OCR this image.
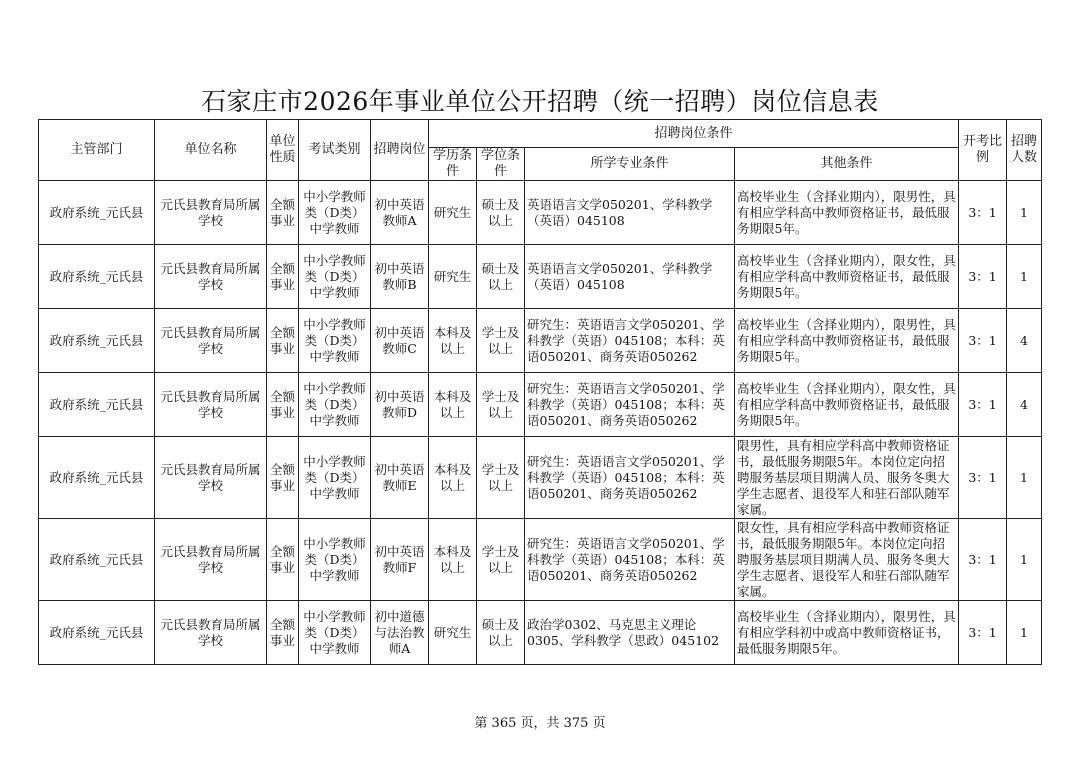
石家庄市2026年事业单位公开招聘（统一招聘）岗位信息表
主管部门	单位名称	单位性质	考试类别	招聘岗位	招聘岗位条件				开考比例	招聘人数
					学历条件	学位条件	所学专业条件	其他条件		
政府系统_元氏县	元氏县教育局所属学校	全额事业	中小学教师类（D类）中学教师	初中英语教师A	研究生	硕士及以上	英语语言文学050201、学科教学（英语）045108	高校毕业生（含择业期内），限男性，具有相应学科高中教师资格证书，最低服务期限5年。	3：1	1
政府系统_元氏县	元氏县教育局所属学校	全额事业	中小学教师类（D类）中学教师	初中英语教师B	研究生	硕士及以上	英语语言文学050201、学科教学（英语）045108	高校毕业生（含择业期内），限女性，具有相应学科高中教师资格证书，最低服务期限5年。	3：1	1
政府系统_元氏县	元氏县教育局所属学校	全额事业	中小学教师类（D类）中学教师	初中英语教师C	本科及以上	学士及以上	研究生：英语语言文学050201、学科教学（英语）045108；本科：英语050201、商务英语050262	高校毕业生（含择业期内），限男性，具有相应学科高中教师资格证书，最低服务期限5年。	3：1	4
政府系统_元氏县	元氏县教育局所属学校	全额事业	中小学教师类（D类）中学教师	初中英语教师D	本科及以上	学士及以上	研究生：英语语言文学050201、学科教学（英语）045108；本科：英语050201、商务英语050262	高校毕业生（含择业期内），限女性，具有相应学科高中教师资格证书，最低服务期限5年。	3：1	4
政府系统_元氏县	元氏县教育局所属学校	全额事业	中小学教师类（D类）中学教师	初中英语教师E	本科及以上	学士及以上	研究生：英语语言文学050201、学科教学（英语）045108；本科：英语050201、商务英语050262	限男性，具有相应学科高中教师资格证书，最低服务期限5年。本岗位定向招聘服务基层项目期满人员、服务冬奥大学生志愿者、退役军人和驻石部队随军家属。	3：1	1
政府系统_元氏县	元氏县教育局所属学校	全额事业	中小学教师类（D类）中学教师	初中英语教师F	本科及以上	学士及以上	研究生：英语语言文学050201、学科教学（英语）045108；本科：英语050201、商务英语050262	限女性，具有相应学科高中教师资格证书，最低服务期限5年。本岗位定向招聘服务基层项目期满人员、服务冬奥大学生志愿者、退役军人和驻石部队随军家属。	3：1	1
政府系统_元氏县	元氏县教育局所属学校	全额事业	中小学教师类（D类）中学教师	初中道德与法治教师A	研究生	硕士及以上	政治学0302、马克思主义理论0305、学科教学（思政）045102	高校毕业生（含择业期内），限男性，具有相应学科初中或高中教师资格证书，最低服务期限5年。	3：1	1
第 365 页，共 375 页
